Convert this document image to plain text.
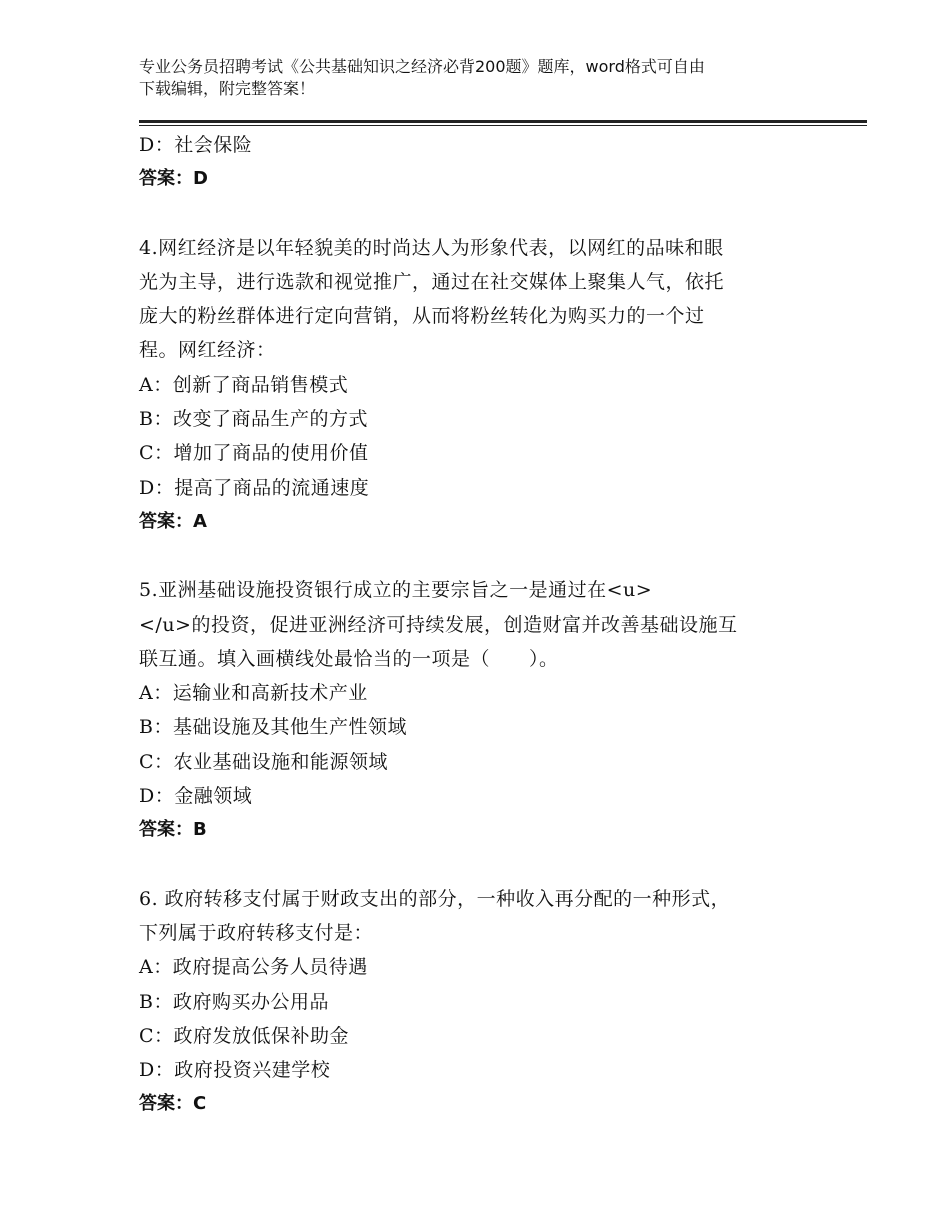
专业公务员招聘考试《公共基础知识之经济必背200题》题库，word格式可自由
下载编辑，附完整答案！
D：社会保险
答案：D
4.网红经济是以年轻貌美的时尚达人为形象代表，以网红的品味和眼
光为主导，进行选款和视觉推广，通过在社交媒体上聚集人气，依托
庞大的粉丝群体进行定向营销，从而将粉丝转化为购买力的一个过
程。网红经济：
A：创新了商品销售模式
B：改变了商品生产的方式
C：增加了商品的使用价值
D：提高了商品的流通速度
答案：A
5.亚洲基础设施投资银行成立的主要宗旨之一是通过在<u>
</u>的投资，促进亚洲经济可持续发展，创造财富并改善基础设施互
联互通。填入画横线处最恰当的一项是（　　）。
A：运输业和高新技术产业
B：基础设施及其他生产性领域
C：农业基础设施和能源领域
D：金融领域
答案：B
6. 政府转移支付属于财政支出的部分，一种收入再分配的一种形式，
下列属于政府转移支付是：
A：政府提高公务人员待遇
B：政府购买办公用品
C：政府发放低保补助金
D：政府投资兴建学校
答案：C
